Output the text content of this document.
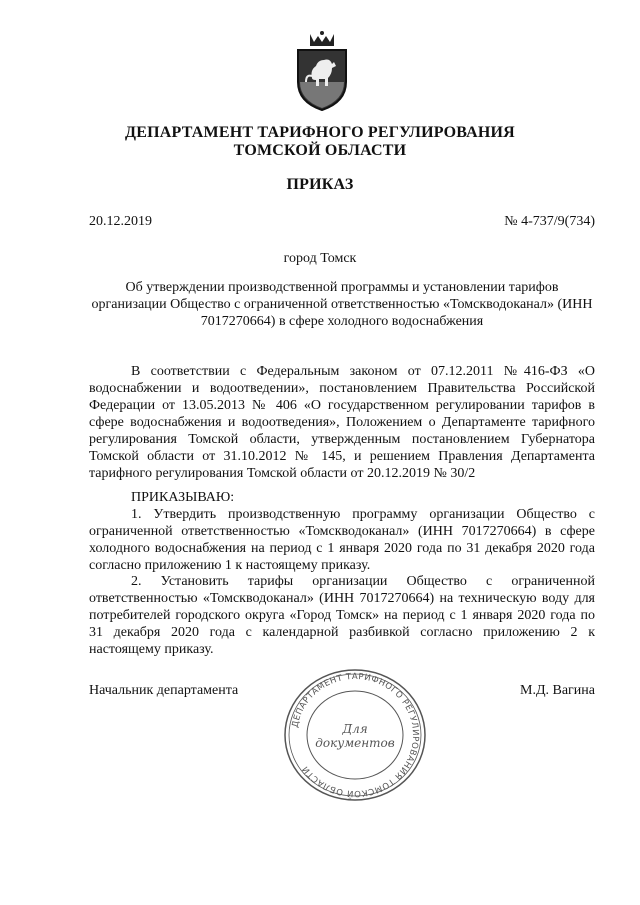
ДЕПАРТАМЕНТ ТАРИФНОГО РЕГУЛИРОВАНИЯ
ТОМСКОЙ ОБЛАСТИ
ПРИКАЗ
20.12.2019	№ 4-737/9(734)
город Томск
Об утверждении производственной программы и установлении тарифов организации Общество с ограниченной ответственностью «Томскводоканал» (ИНН 7017270664) в сфере холодного водоснабжения
В соответствии с Федеральным законом от 07.12.2011 №416-ФЗ «О водоснабжении и водоотведении», постановлением Правительства Российской Федерации от 13.05.2013 № 406 «О государственном регулировании тарифов в сфере водоснабжения и водоотведения», Положением о Департаменте тарифного регулирования Томской области, утвержденным постановлением Губернатора Томской области от 31.10.2012 № 145, и решением Правления Департамента тарифного регулирования Томской области от 20.12.2019 № 30/2
ПРИКАЗЫВАЮ:
1. Утвердить производственную программу организации Общество с ограниченной ответственностью «Томскводоканал» (ИНН 7017270664) в сфере холодного водоснабжения на период с 1 января 2020 года по 31 декабря 2020 года согласно приложению 1 к настоящему приказу.
2. Установить тарифы организации Общество с ограниченной ответственностью «Томскводоканал» (ИНН 7017270664) на техническую воду для потребителей городского округа «Город Томск» на период с 1 января 2020 года по 31 декабря 2020 года с календарной разбивкой согласно приложению 2 к настоящему приказу.
ДЕПАРТАМЕНТ ТАРИФНОГО РЕГУЛИРОВАНИЯ ТОМСКОЙ ОБЛАСТИ
Для
документов
Начальник департамента	М.Д. Вагина
